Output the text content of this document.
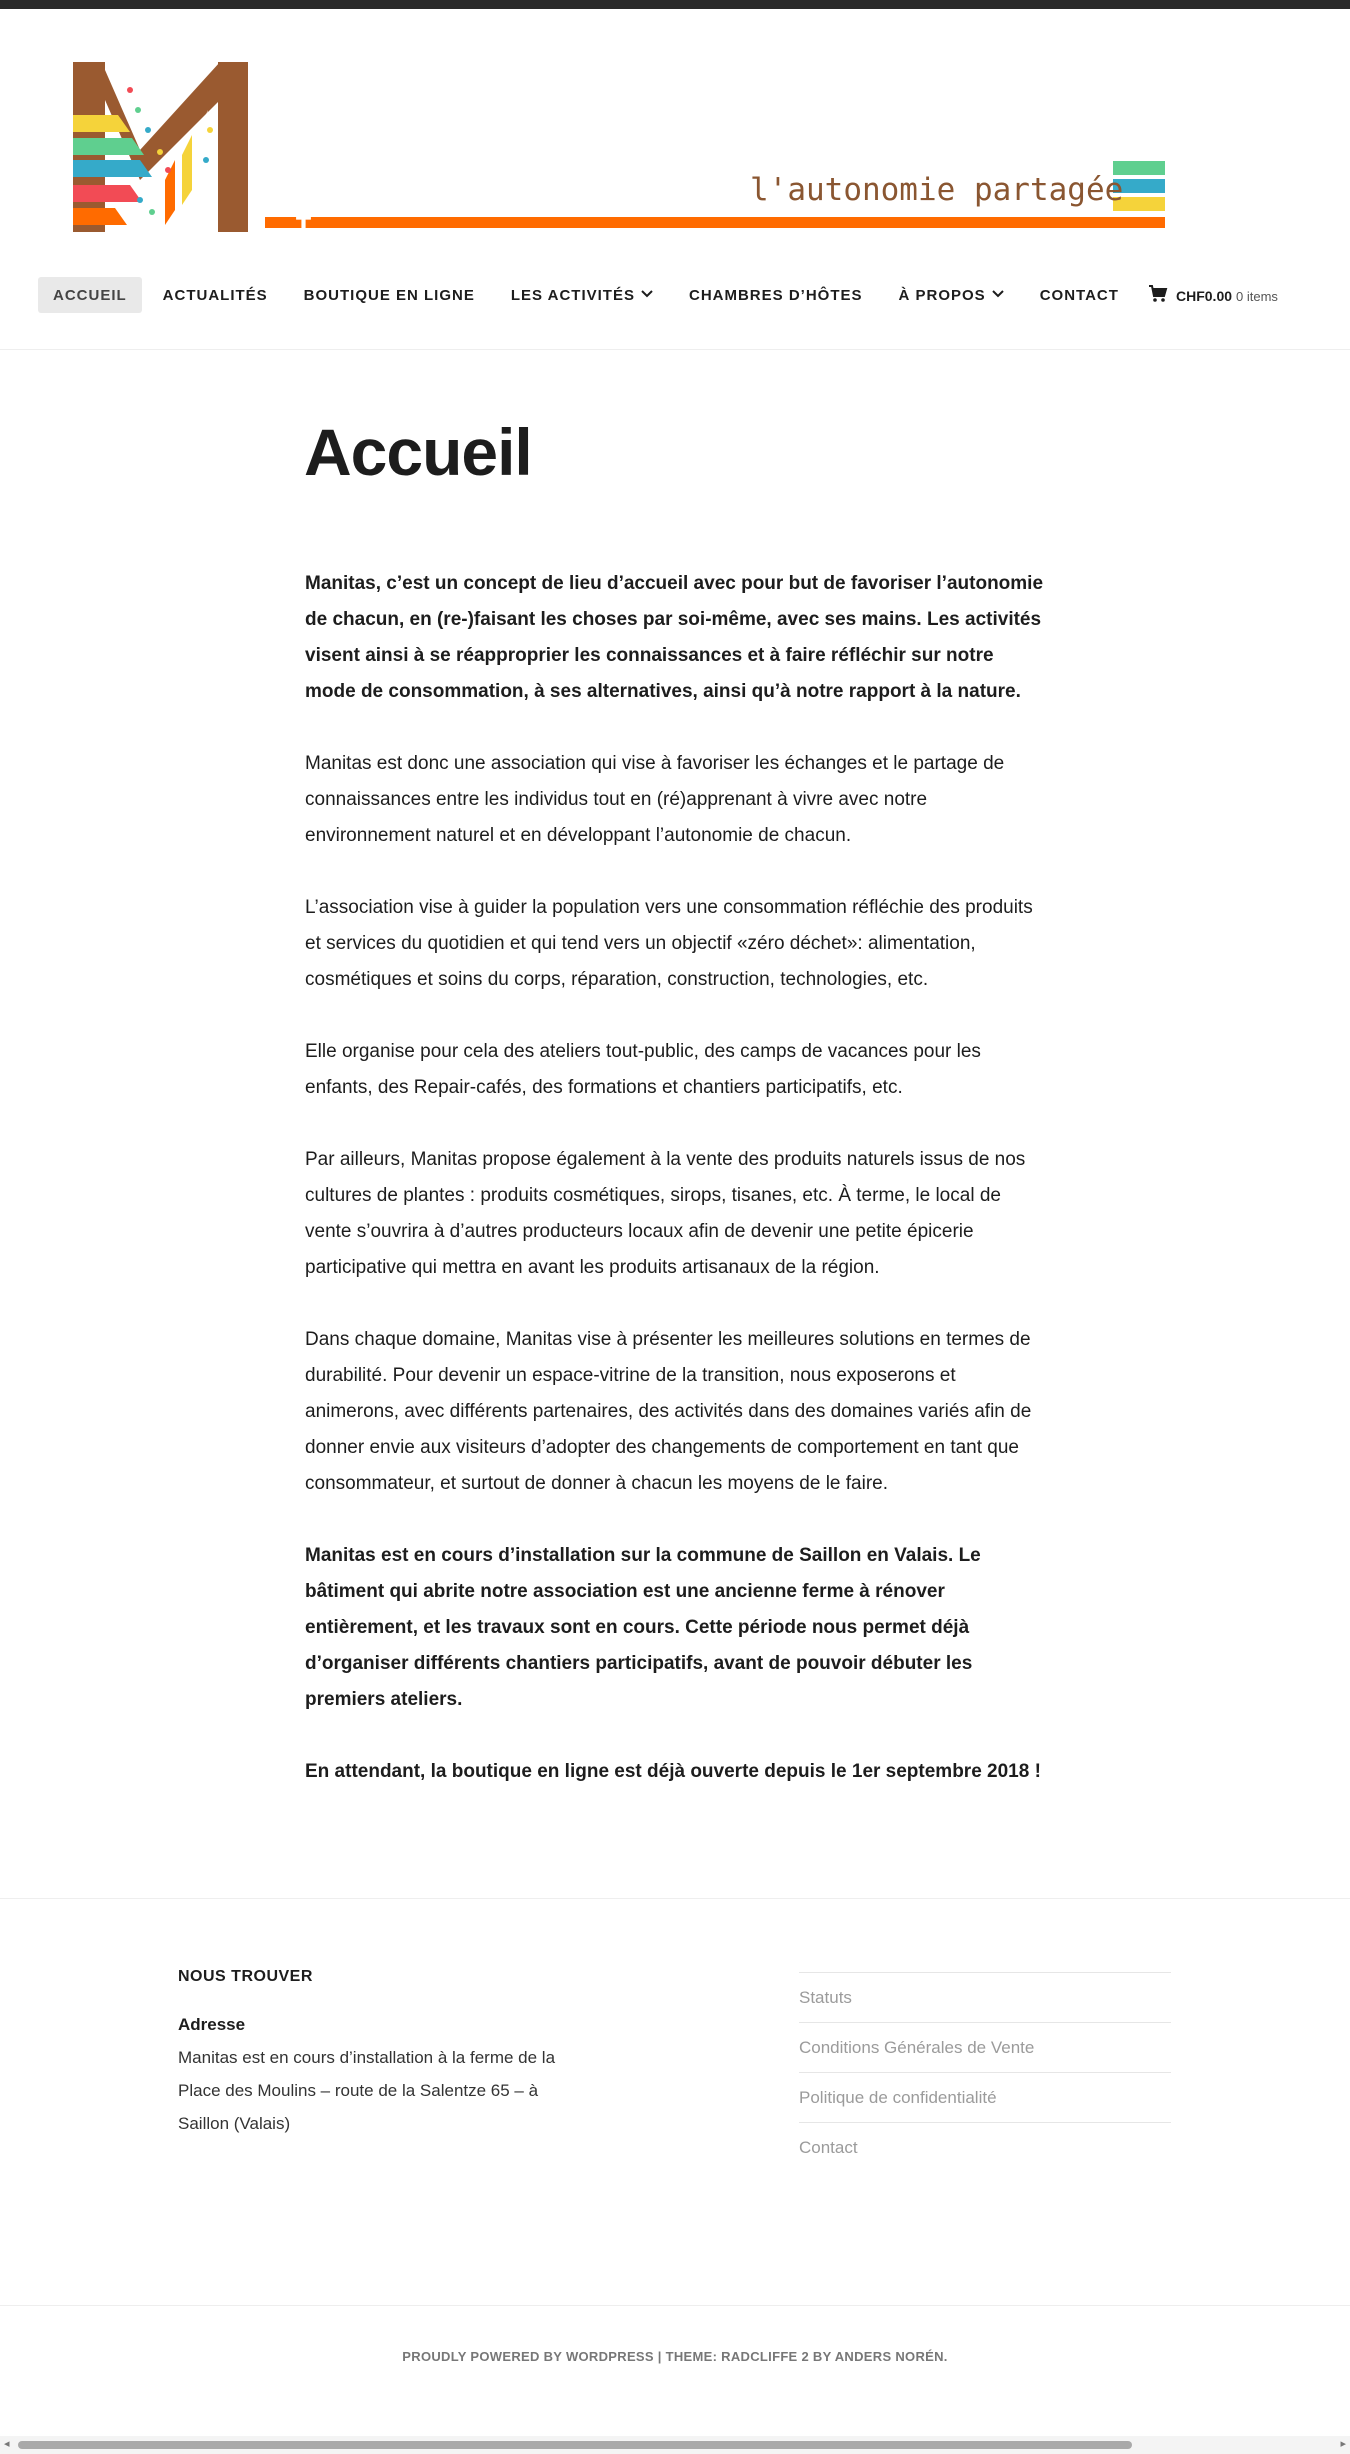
MANITAS	l'autonomie partagée
ACCUEIL ACTUALITÉS BOUTIQUE EN LIGNE LES ACTIVITÉS	CHAMBRES D’HÔTES À PROPOS	CONTACT	CHF0.00 0 items
Accueil

Manitas, c’est un concept de lieu d’accueil avec pour but de favoriser l’autonomie de chacun, en (re-)faisant les choses par soi-même, avec ses mains. Les activités visent ainsi à se réapproprier les connaissances et à faire réfléchir sur notre mode de consommation, à ses alternatives, ainsi qu’à notre rapport à la nature.

Manitas est donc une association qui vise à favoriser les échanges et le partage de connaissances entre les individus tout en (ré)apprenant à vivre avec notre environnement naturel et en développant l’autonomie de chacun.

L’association vise à guider la population vers une consommation réfléchie des produits et services du quotidien et qui tend vers un objectif «zéro déchet»: alimentation, cosmétiques et soins du corps, réparation, construction, technologies, etc.

Elle organise pour cela des ateliers tout-public, des camps de vacances pour les enfants, des Repair-cafés, des formations et chantiers participatifs, etc.

Par ailleurs, Manitas propose également à la vente des produits naturels issus de nos cultures de plantes : produits cosmétiques, sirops, tisanes, etc. À terme, le local de vente s’ouvrira à d’autres producteurs locaux afin de devenir une petite épicerie participative qui mettra en avant les produits artisanaux de la région.

Dans chaque domaine, Manitas vise à présenter les meilleures solutions en termes de durabilité. Pour devenir un espace-vitrine de la transition, nous exposerons et animerons, avec différents partenaires, des activités dans des domaines variés afin de donner envie aux visiteurs d’adopter des changements de comportement en tant que consommateur, et surtout de donner à chacun les moyens de le faire.

Manitas est en cours d’installation sur la commune de Saillon en Valais. Le bâtiment qui abrite notre association est une ancienne ferme à rénover entièrement, et les travaux sont en cours. Cette période nous permet déjà d’organiser différents chantiers participatifs, avant de pouvoir débuter les premiers ateliers.

En attendant, la boutique en ligne est déjà ouverte depuis le 1er septembre 2018 !

NOUS TROUVER
Adresse
Manitas est en cours d’installation à la ferme de la Place des Moulins – route de la Salentze 65 – à Saillon (Valais)
Statuts
Conditions Générales de Vente
Politique de confidentialité
Contact
PROUDLY POWERED BY WORDPRESS | THEME: RADCLIFFE 2 BY ANDERS NORÉN.
◂	▸
